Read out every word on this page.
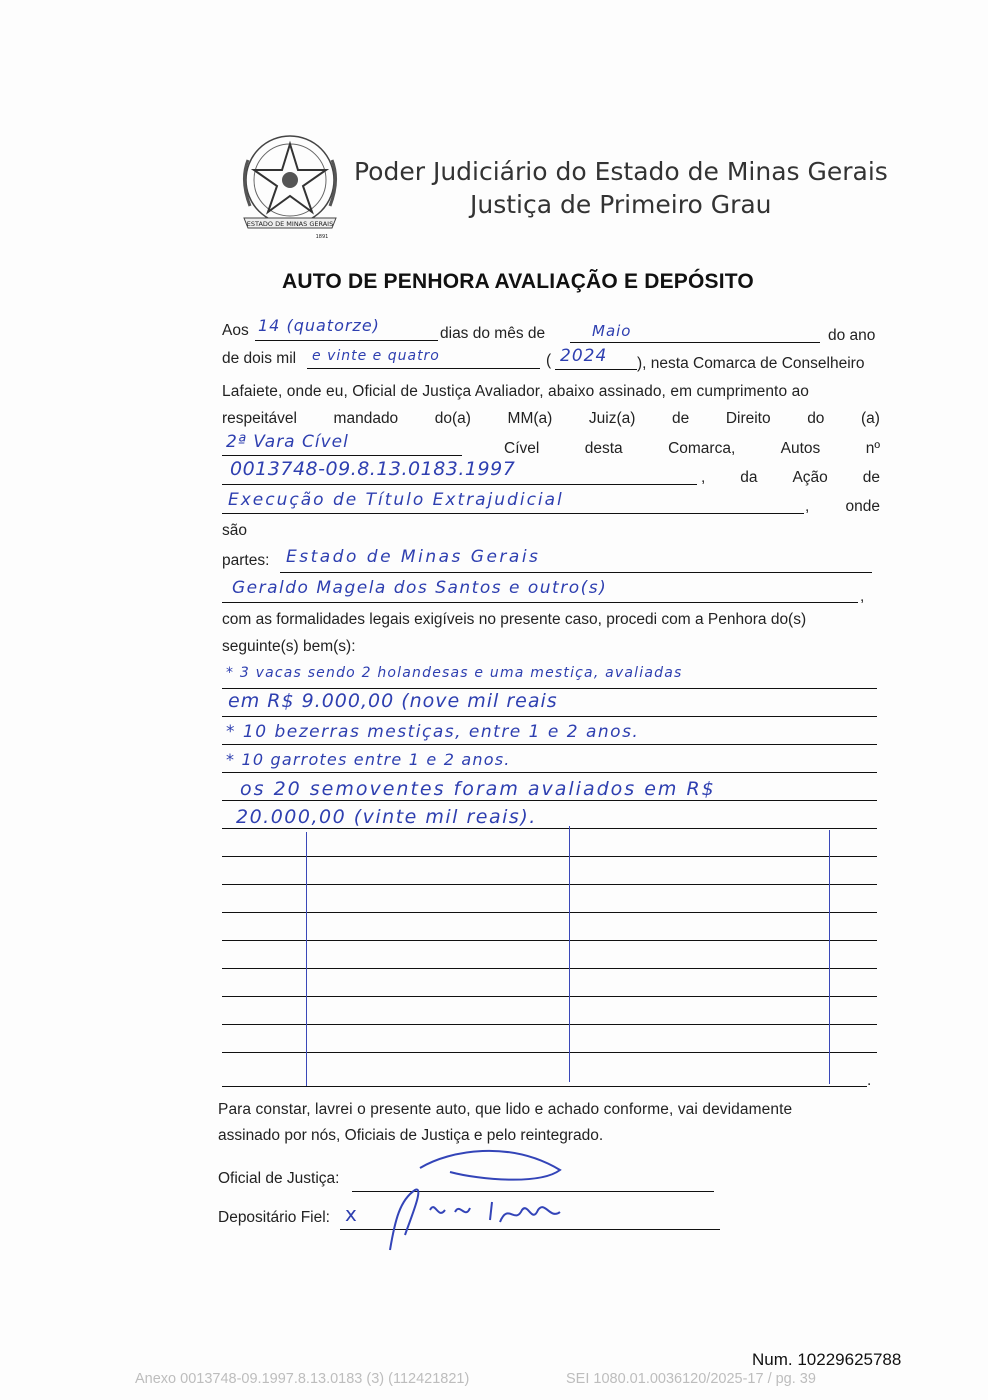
ESTADO DE MINAS GERAIS
1891
Poder Judiciário do Estado de Minas Gerais
Justiça de Primeiro Grau
AUTO DE PENHORA AVALIAÇÃO E DEPÓSITO
Aos 14 (quatorze)	dias do mês de	Maio	do ano
de dois mil e vinte e quatro	( 2024 ), nesta Comarca de Conselheiro
Lafaiete, onde eu, Oficial de Justiça Avaliador, abaixo assinado, em cumprimento ao
respeitável mandado do(a) MM(a) Juiz(a) de Direito do (a)
2ª Vara Cível	Cível	desta	Comarca,	Autos	nº
0013748-09.8.13.0183.1997	, da Ação de
Execução de Título Extrajudicial	, onde
são
partes: Estado de Minas Gerais
Geraldo Magela dos Santos e outro(s)	,
com as formalidades legais exigíveis no presente caso, procedi com a Penhora do(s)
seguinte(s) bem(s):
.
* 3 vacas sendo 2 holandesas e uma mestiça, avaliadas
em R$ 9.000,00 (nove mil reais
* 10 bezerras mestiças, entre 1 e 2 anos.
* 10 garrotes entre 1 e 2 anos.
os 20 semoventes foram avaliados em R$
20.000,00 (vinte mil reais).
Para constar, lavrei o presente auto, que lido e achado conforme, vai devidamente
assinado por nós, Oficiais de Justiça e pelo reintegrado.
Oficial de Justiça:
Depositário Fiel: x
Num. 10229625788
Anexo 0013748-09.1997.8.13.0183 (3) (112421821)	SEI 1080.01.0036120/2025-17 / pg. 39
